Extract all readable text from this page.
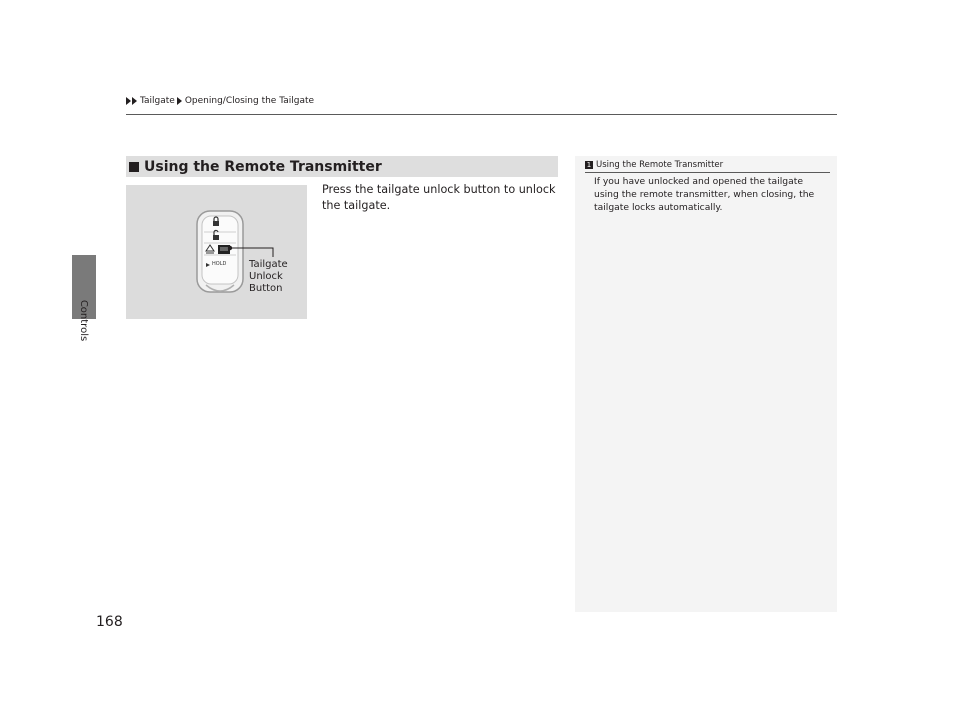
Controls
Tailgate Opening/Closing the Tailgate
Using the Remote Transmitter
HOLD Tailgate
Unlock
Button
Press the tailgate unlock button to unlock the tailgate.
1 Using the Remote Transmitter
If you have unlocked and opened the tailgate using the remote transmitter, when closing, the tailgate locks automatically.
168
